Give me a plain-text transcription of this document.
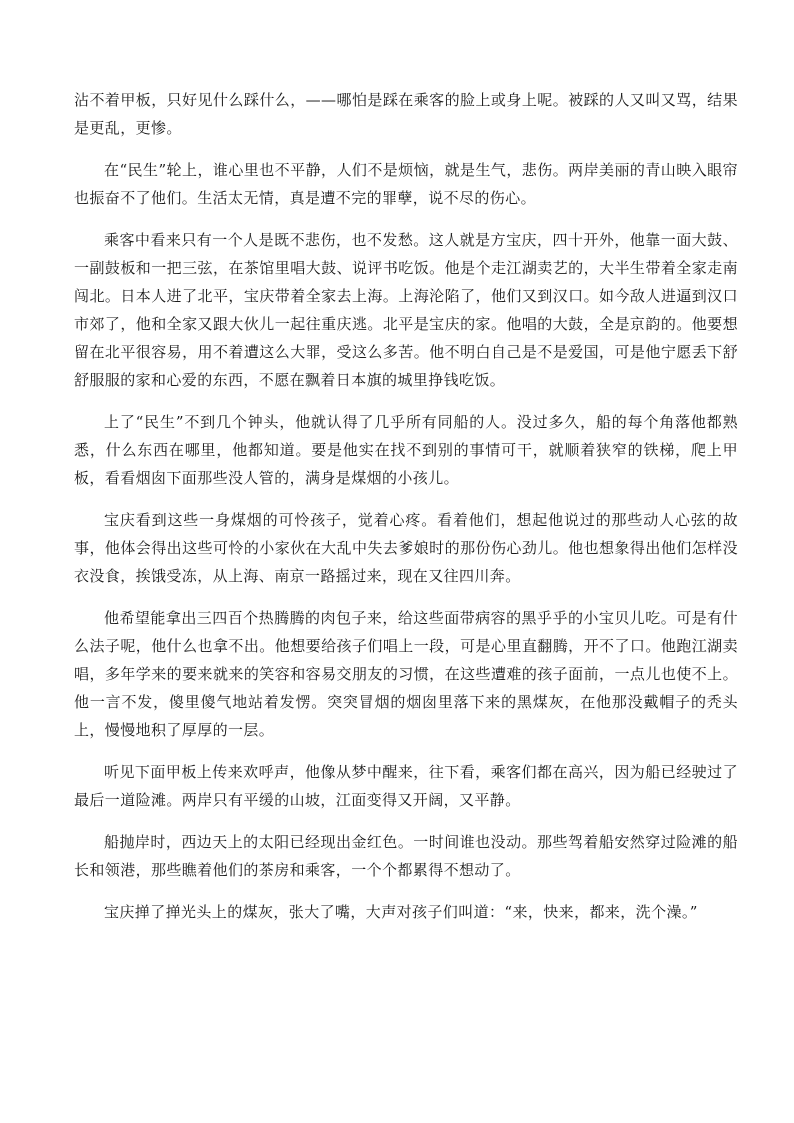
沾不着甲板，只好见什么踩什么，——哪怕是踩在乘客的脸上或身上呢。被踩的人又叫又骂，结果是更乱，更惨。

在“民生”轮上，谁心里也不平静，人们不是烦恼，就是生气，悲伤。两岸美丽的青山映入眼帘也振奋不了他们。生活太无情，真是遭不完的罪孽，说不尽的伤心。

乘客中看来只有一个人是既不悲伤，也不发愁。这人就是方宝庆，四十开外，他靠一面大鼓、一副鼓板和一把三弦，在茶馆里唱大鼓、说评书吃饭。他是个走江湖卖艺的，大半生带着全家走南闯北。日本人进了北平，宝庆带着全家去上海。上海沦陷了，他们又到汉口。如今敌人进逼到汉口市郊了，他和全家又跟大伙儿一起往重庆逃。北平是宝庆的家。他唱的大鼓，全是京韵的。他要想留在北平很容易，用不着遭这么大罪，受这么多苦。他不明白自己是不是爱国，可是他宁愿丢下舒舒服服的家和心爱的东西，不愿在飘着日本旗的城里挣钱吃饭。

上了“民生”不到几个钟头，他就认得了几乎所有同船的人。没过多久，船的每个角落他都熟悉，什么东西在哪里，他都知道。要是他实在找不到别的事情可干，就顺着狭窄的铁梯，爬上甲板，看看烟囱下面那些没人管的，满身是煤烟的小孩儿。

宝庆看到这些一身煤烟的可怜孩子，觉着心疼。看着他们，想起他说过的那些动人心弦的故事，他体会得出这些可怜的小家伙在大乱中失去爹娘时的那份伤心劲儿。他也想象得出他们怎样没衣没食，挨饿受冻，从上海、南京一路摇过来，现在又往四川奔。

他希望能拿出三四百个热腾腾的肉包子来，给这些面带病容的黑乎乎的小宝贝儿吃。可是有什么法子呢，他什么也拿不出。他想要给孩子们唱上一段，可是心里直翻腾，开不了口。他跑江湖卖唱，多年学来的要来就来的笑容和容易交朋友的习惯，在这些遭难的孩子面前，一点儿也使不上。他一言不发，傻里傻气地站着发愣。突突冒烟的烟囱里落下来的黑煤灰，在他那没戴帽子的秃头上，慢慢地积了厚厚的一层。

听见下面甲板上传来欢呼声，他像从梦中醒来，往下看，乘客们都在高兴，因为船已经驶过了最后一道险滩。两岸只有平缓的山坡，江面变得又开阔，又平静。

船抛岸时，西边天上的太阳已经现出金红色。一时间谁也没动。那些驾着船安然穿过险滩的船长和领港，那些瞧着他们的茶房和乘客，一个个都累得不想动了。

宝庆掸了掸光头上的煤灰，张大了嘴，大声对孩子们叫道：“来，快来，都来，洗个澡。”
